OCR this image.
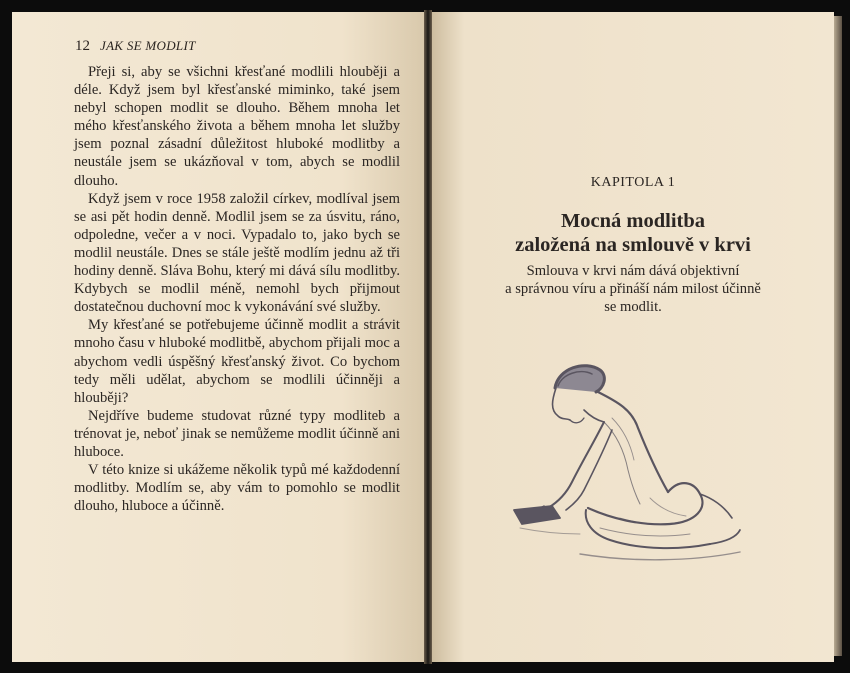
12 JAK SE MODLIT

Přeji si, aby se všichni křesťané modlili hlouběji a déle. Když jsem byl křesťanské miminko, také jsem nebyl schopen modlit se dlouho. Během mnoha let mého křesťanského života a během mnoha let služby jsem poznal zásadní důležitost hluboké modlitby a neustále jsem se ukázňoval v tom, abych se modlil dlouho.

Když jsem v roce 1958 založil církev, modlíval jsem se asi pět hodin denně. Modlil jsem se za úsvitu, ráno, odpoledne, večer a v noci. Vypadalo to, jako bych se modlil neustále. Dnes se stále ještě modlím jednu až tři hodiny denně. Sláva Bohu, který mi dává sílu modlitby. Kdybych se modlil méně, nemohl bych přijmout dostatečnou duchovní moc k vykonávání své služby.

My křesťané se potřebujeme účinně modlit a strávit mnoho času v hluboké modlitbě, abychom přijali moc a abychom vedli úspěšný křesťanský život. Co bychom tedy měli udělat, abychom se modlili účinněji a hlouběji?

Nejdříve budeme studovat různé typy modliteb a trénovat je, neboť jinak se nemůžeme modlit účinně ani hluboce.

V této knize si ukážeme několik typů mé každodenní modlitby. Modlím se, aby vám to pomohlo se modlit dlouho, hluboce a účinně.

KAPITOLA 1
Mocná modlitba
založená na smlouvě v krvi
Smlouva v krvi nám dává objektivní
a správnou víru a přináší nám milost účinně
se modlit.
